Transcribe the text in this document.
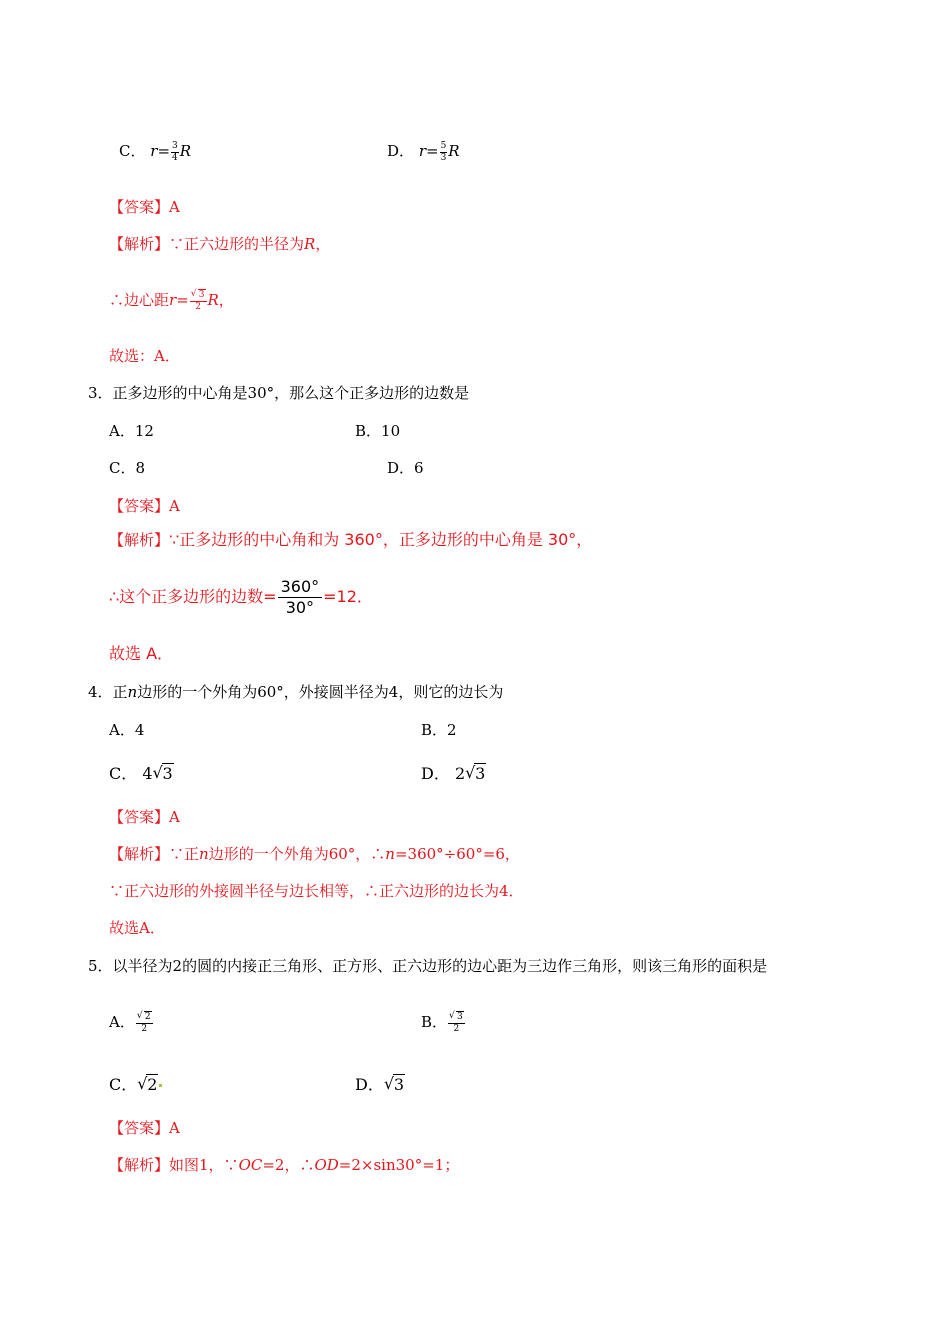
C． $r= \frac{3}{4}$ R	D． $r= \frac{5}{3}$ R
【答案】A
【解析】∵正六边形的半径为R，
∴边心距r= √ $\frac{3}{2}$ R，
故选：A．
3．正多边形的中心角是30°，那么这个正多边形的边数是
A．12	B．10
C．8	D．6
【答案】A
【解析】∵正多边形的中心角和为 360°，正多边形的中心角是 30°，
∴这个正多边形的边数= $\frac{360^\circ}{30^\circ} =12$．
故选 A．
4．正n边形的一个外角为60°，外接圆半径为4，则它的边长为
A．4	B．2
C． 4 √ 3	D． 2 √ 3
【答案】A
【解析】∵正n边形的一个外角为60°，∴n=360°÷60°=6，
∵正六边形的外接圆半径与边长相等，∴正六边形的边长为4．
故选A．
5．以半径为2的圆的内接正三角形、正方形、正六边形的边心距为三边作三角形，则该三角形的面积是
A． √ $\frac{2}{2}$	B． √ $\frac{3}{2}$
C． √ 2	D． √ 3
【答案】A
【解析】如图1，∵OC=2，∴OD=2×sin30°=1；
